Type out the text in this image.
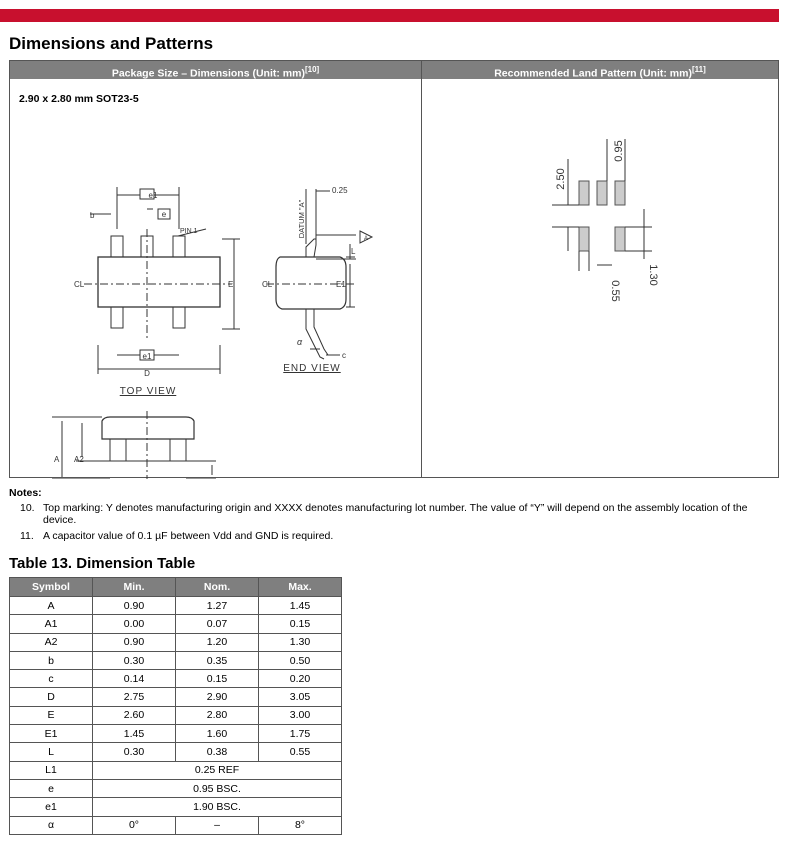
Dimensions and Patterns
Package Size – Dimensions (Unit: mm)[10]	Recommended Land Pattern (Unit: mm)[11]
2.90 x 2.80 mm SOT23-5
e1
e
b
PIN 1
CL	E
e1
D
TOP VIEW
DATUM "A"
0.25
L
A
CL	E1
α
c
END VIEW
A A2
2.50
0.95
0.55
1.30
Notes:
10. Top marking: Y denotes manufacturing origin and XXXX denotes manufacturing lot number. The value of “Y” will depend on the assembly location of the device.
11. A capacitor value of 0.1 µF between Vdd and GND is required.
Table 13. Dimension Table
Symbol	Min.	Nom.	Max.
A	0.90	1.27	1.45
A1	0.00	0.07	0.15
A2	0.90	1.20	1.30
b	0.30	0.35	0.50
c	0.14	0.15	0.20
D	2.75	2.90	3.05
E	2.60	2.80	3.00
E1	1.45	1.60	1.75
L	0.30	0.38	0.55
L1	0.25 REF		
e	0.95 BSC.		
e1	1.90 BSC.		
α	0°	–	8°
